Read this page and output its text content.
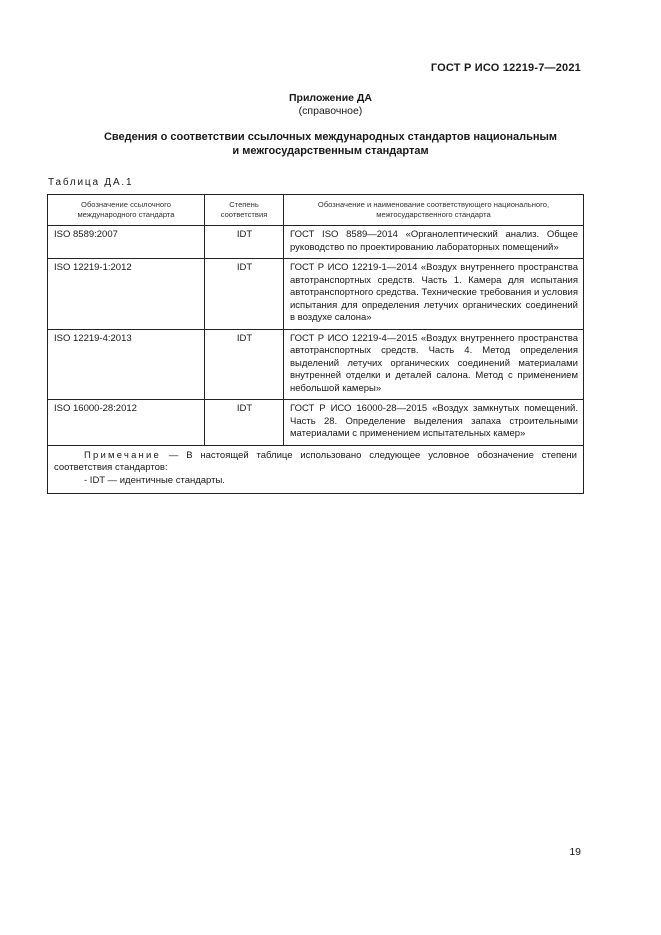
ГОСТ Р ИСО 12219-7—2021
Приложение ДА
(справочное)
Сведения о соответствии ссылочных международных стандартов национальным
и межгосударственным стандартам
Таблица ДА.1
Обозначение ссылочного международного стандарта	Степень соответствия	Обозначение и наименование соответствующего национального, межгосударственного стандарта
ISO 8589:2007	IDT	ГОСТ ISO 8589—2014 «Органолептический анализ. Общее руководство по проектированию лабораторных помещений»
ISO 12219-1:2012	IDT	ГОСТ Р ИСО 12219-1—2014 «Воздух внутреннего пространства автотранспортных средств. Часть 1. Камера для испытания автотранспортного средства. Технические требования и условия испытания для определения летучих органических соединений в воздухе салона»
ISO 12219-4:2013	IDT	ГОСТ Р ИСО 12219-4—2015 «Воздух внутреннего пространства автотранспортных средств. Часть 4. Метод определения выделений летучих органических соединений материалами внутренней отделки и деталей салона. Метод с применением небольшой камеры»
ISO 16000-28:2012	IDT	ГОСТ Р ИСО 16000-28—2015 «Воздух замкнутых помещений. Часть 28. Определение выделения запаха строительными материалами с применением испытательных камер»

Примечание — В настоящей таблице использовано следующее условное обозначение степени соответствия стандартов:
- IDT — идентичные стандарты.		
19
